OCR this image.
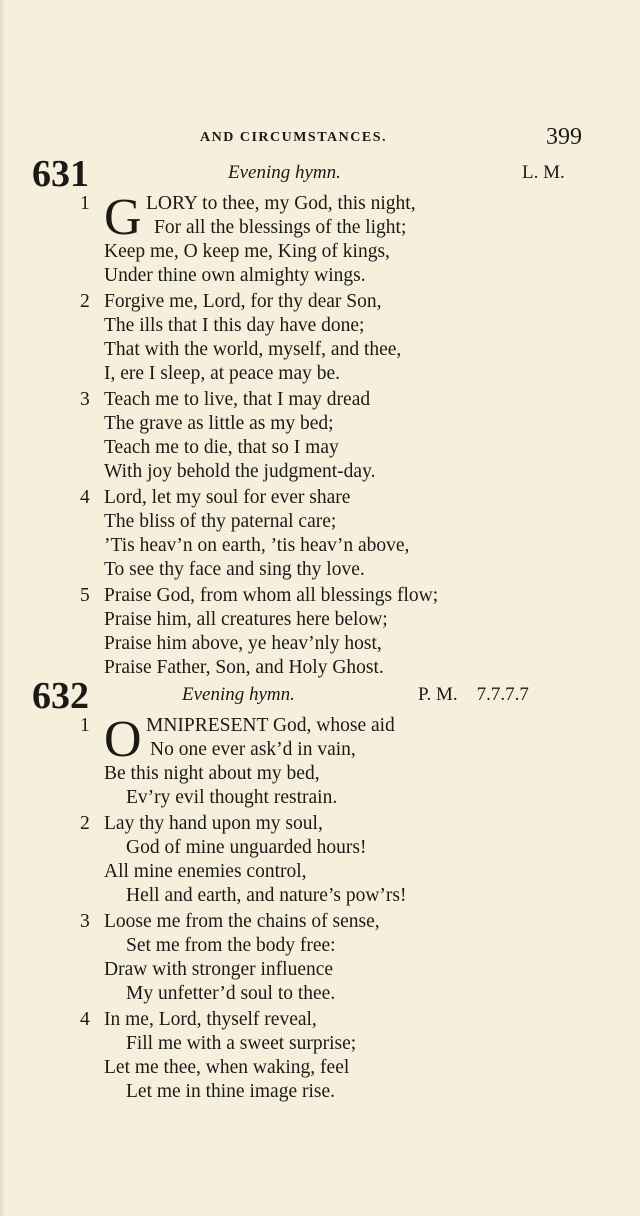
AND CIRCUMSTANCES.	399
631	Evening hymn.	L. M.
G
1	LORY to thee, my God, this night,
For all the blessings of the light;
Keep me, O keep me, King of kings,
Under thine own almighty wings.
2 Forgive me, Lord, for thy dear Son,
The ills that I this day have done;
That with the world, myself, and thee,
I, ere I sleep, at peace may be.
3 Teach me to live, that I may dread
The grave as little as my bed;
Teach me to die, that so I may
With joy behold the judgment-day.
4 Lord, let my soul for ever share
The bliss of thy paternal care;
’Tis heav’n on earth, ’tis heav’n above,
To see thy face and sing thy love.
5 Praise God, from whom all blessings flow;
Praise him, all creatures here below;
Praise him above, ye heav’nly host,
Praise Father, Son, and Holy Ghost.
632	Evening hymn.	P. M.    7.7.7.7
O
1	MNIPRESENT God, whose aid
No one ever ask’d in vain,
Be this night about my bed,
Ev’ry evil thought restrain.
2 Lay thy hand upon my soul,
God of mine unguarded hours!
All mine enemies control,
Hell and earth, and nature’s pow’rs!
3 Loose me from the chains of sense,
Set me from the body free:
Draw with stronger influence
My unfetter’d soul to thee.
4 In me, Lord, thyself reveal,
Fill me with a sweet surprise;
Let me thee, when waking, feel
Let me in thine image rise.
